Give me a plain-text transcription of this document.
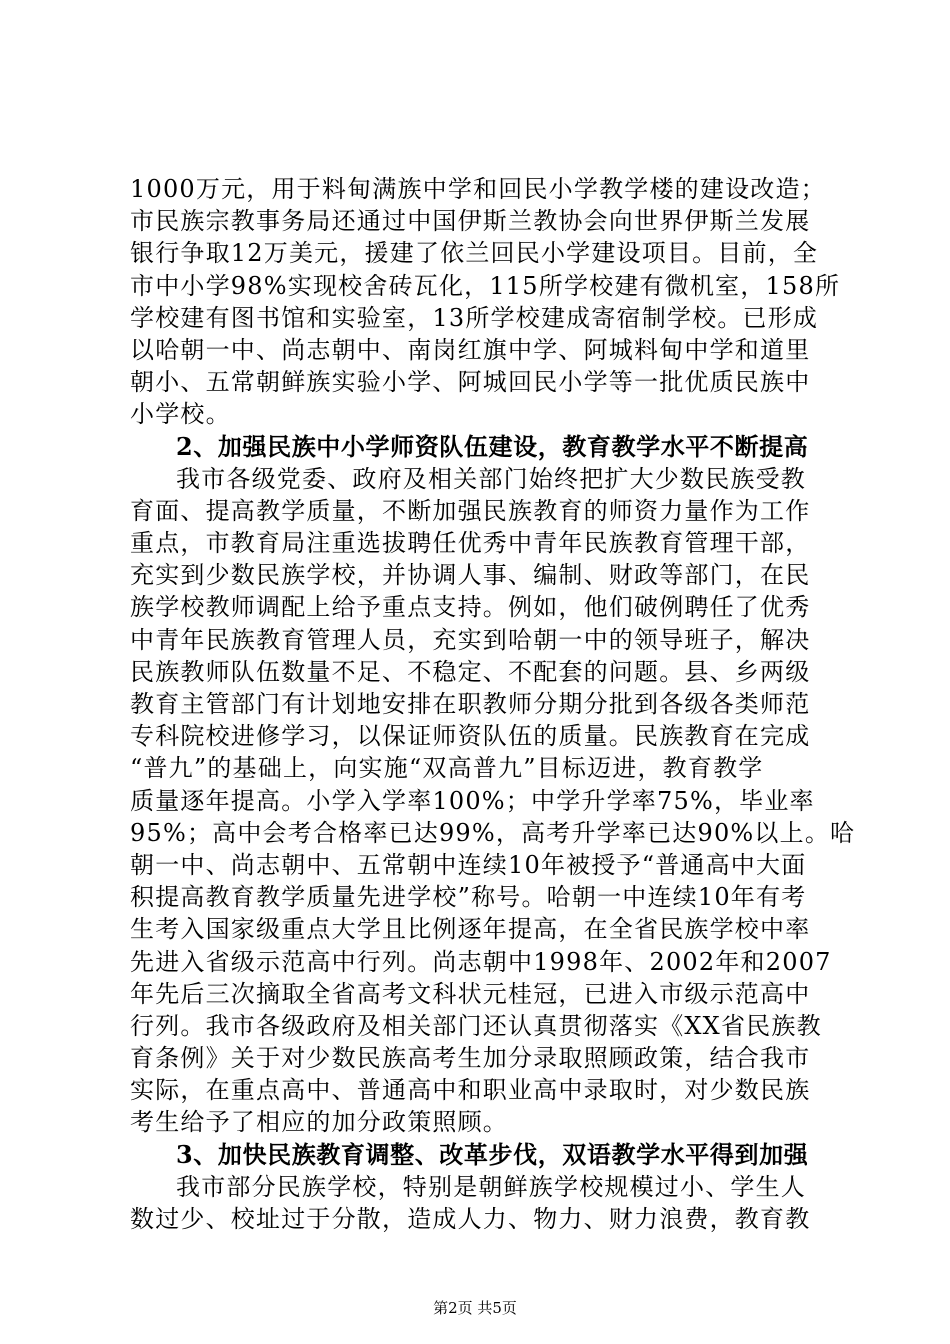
1000万元，用于料甸满族中学和回民小学教学楼的建设改造；
市民族宗教事务局还通过中国伊斯兰教协会向世界伊斯兰发展
银行争取12万美元，援建了依兰回民小学建设项目。目前，全
市中小学98%实现校舍砖瓦化，115所学校建有微机室，158所
学校建有图书馆和实验室，13所学校建成寄宿制学校。已形成
以哈朝一中、尚志朝中、南岗红旗中学、阿城料甸中学和道里
朝小、五常朝鲜族实验小学、阿城回民小学等一批优质民族中
小学校。
2、加强民族中小学师资队伍建设，教育教学水平不断提高
我市各级党委、政府及相关部门始终把扩大少数民族受教
育面、提高教学质量，不断加强民族教育的师资力量作为工作
重点，市教育局注重选拔聘任优秀中青年民族教育管理干部，
充实到少数民族学校，并协调人事、编制、财政等部门，在民
族学校教师调配上给予重点支持。例如，他们破例聘任了优秀
中青年民族教育管理人员，充实到哈朝一中的领导班子，解决
民族教师队伍数量不足、不稳定、不配套的问题。县、乡两级
教育主管部门有计划地安排在职教师分期分批到各级各类师范
专科院校进修学习，以保证师资队伍的质量。民族教育在完成
“普九”的基础上，向实施“双高普九”目标迈进，教育教学
质量逐年提高。小学入学率100%；中学升学率75%，毕业率
95%；高中会考合格率已达99%，高考升学率已达90%以上。哈
朝一中、尚志朝中、五常朝中连续10年被授予“普通高中大面
积提高教育教学质量先进学校”称号。哈朝一中连续10年有考
生考入国家级重点大学且比例逐年提高，在全省民族学校中率
先进入省级示范高中行列。尚志朝中1998年、2002年和2007
年先后三次摘取全省高考文科状元桂冠，已进入市级示范高中
行列。我市各级政府及相关部门还认真贯彻落实《XX省民族教
育条例》关于对少数民族高考生加分录取照顾政策，结合我市
实际，在重点高中、普通高中和职业高中录取时，对少数民族
考生给予了相应的加分政策照顾。
3、加快民族教育调整、改革步伐，双语教学水平得到加强
我市部分民族学校，特别是朝鲜族学校规模过小、学生人
数过少、校址过于分散，造成人力、物力、财力浪费，教育教
第2页 共5页
